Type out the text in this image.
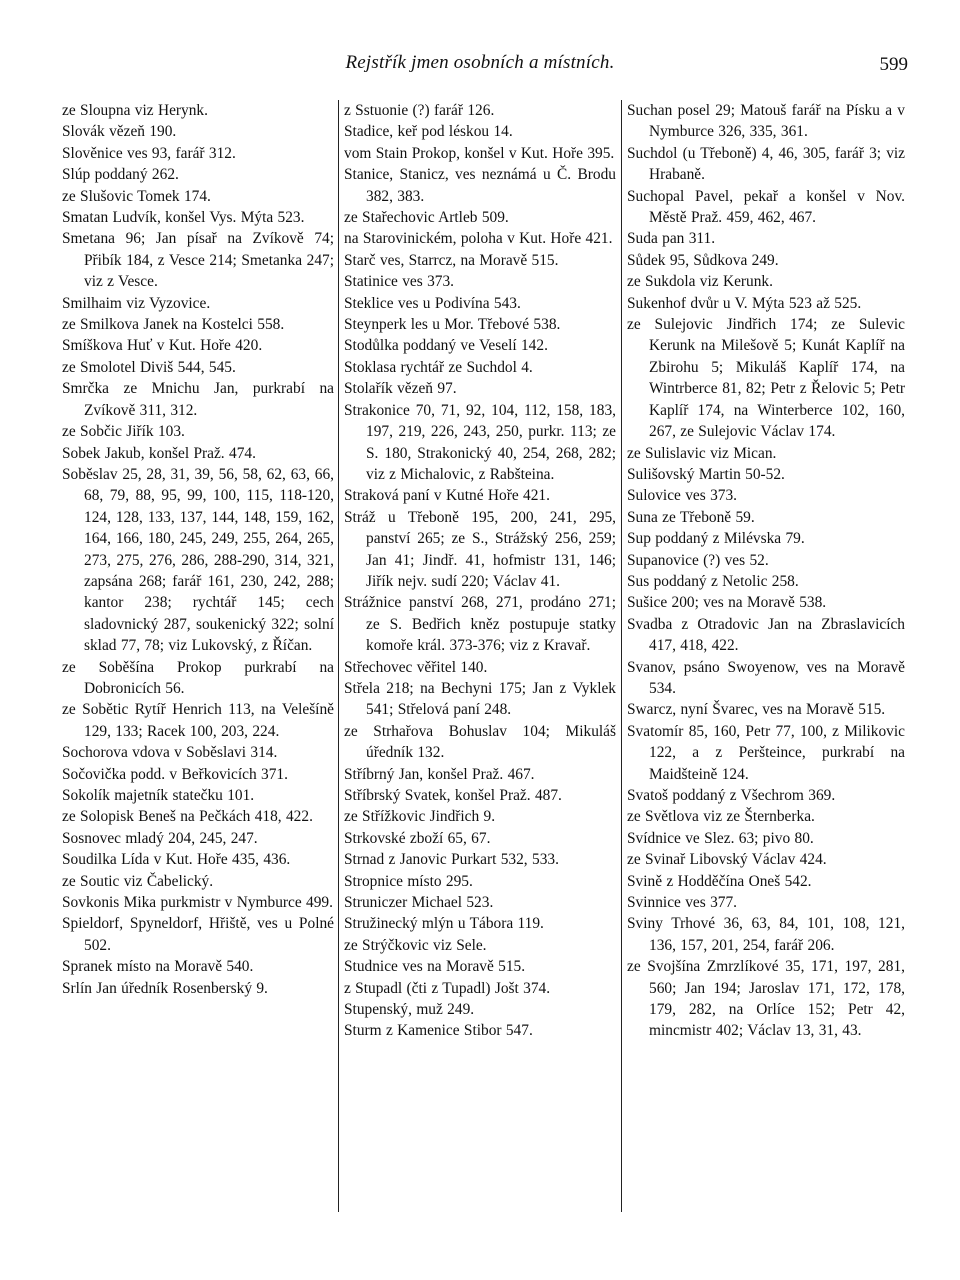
Rejstřík jmen osobních a místních.	599

ze Sloupna viz Herynk.

Slovák vězeň 190.

Slověnice ves 93, farář 312.

Slúp poddaný 262.

ze Slušovic Tomek 174.

Smatan Ludvík, konšel Vys. Mýta 523.

Smetana 96; Jan písař na Zvíkově 74; Přibík 184, z Vesce 214; Smetanka 247; viz z Vesce.

Smilhaim viz Vyzovice.

ze Smilkova Janek na Kostelci 558.

Smíškova Huť v Kut. Hoře 420.

ze Smolotel Diviš 544, 545.

Smrčka ze Mnichu Jan, purkrabí na Zvíkově 311, 312.

ze Sobčic Jiřík 103.

Sobek Jakub, konšel Praž. 474.

Soběslav 25, 28, 31, 39, 56, 58, 62, 63, 66, 68, 79, 88, 95, 99, 100, 115, 118-120, 124, 128, 133, 137, 144, 148, 159, 162, 164, 166, 180, 245, 249, 255, 264, 265, 273, 275, 276, 286, 288-290, 314, 321, zapsána 268; farář 161, 230, 242, 288; kantor 238; rychtář 145; cech sladovnický 287, soukenický 322; solní sklad 77, 78; viz Lukovský, z Říčan.

ze Soběšína Prokop purkrabí na Dobronicích 56.

ze Sobětic Rytíř Henrich 113, na Velešíně 129, 133; Racek 100, 203, 224.

Sochorova vdova v Soběslavi 314.

Sočovička podd. v Beřkovicích 371.

Sokolík majetník statečku 101.

ze Solopisk Beneš na Pečkách 418, 422.

Sosnovec mladý 204, 245, 247.

Soudilka Lída v Kut. Hoře 435, 436.

ze Soutic viz Čabelický.

Sovkonis Mika purkmistr v Nymburce 499.

Spieldorf, Spyneldorf, Hřiště, ves u Polné 502.

Spranek místo na Moravě 540.

Srlín Jan úředník Rosenberský 9.

z Sstuonie (?) farář 126.

Stadice, keř pod léskou 14.

vom Stain Prokop, konšel v Kut. Hoře 395.

Stanice, Stanicz, ves neznámá u Č. Brodu 382, 383.

ze Stařechovic Artleb 509.

na Starovinickém, poloha v Kut. Hoře 421.

Starč ves, Starrcz, na Moravě 515.

Statinice ves 373.

Steklice ves u Podivína 543.

Steynperk les u Mor. Třebové 538.

Stodůlka poddaný ve Veselí 142.

Stoklasa rychtář ze Suchdol 4.

Stolařík vězeň 97.

Strakonice 70, 71, 92, 104, 112, 158, 183, 197, 219, 226, 243, 250, purkr. 113; ze S. 180, Strakonický 40, 254, 268, 282; viz z Michalovic, z Rabšteina.

Straková paní v Kutné Hoře 421.

Stráž u Třeboně 195, 200, 241, 295, panství 265; ze S., Strážský 256, 259; Jan 41; Jindř. 41, hofmistr 131, 146; Jiřík nejv. sudí 220; Václav 41.

Strážnice panství 268, 271, prodáno 271; ze S. Bedřich kněz postupuje statky komoře král. 373-376; viz z Kravař.

Střechovec věřitel 140.

Střela 218; na Bechyni 175; Jan z Vyklek 541; Střelová paní 248.

ze Strhařova Bohuslav 104; Mikuláš úředník 132.

Stříbrný Jan, konšel Praž. 467.

Stříbrský Svatek, konšel Praž. 487.

ze Střížkovic Jindřich 9.

Strkovské zboží 65, 67.

Strnad z Janovic Purkart 532, 533.

Stropnice místo 295.

Struniczer Michael 523.

Stružinecký mlýn u Tábora 119.

ze Strýčkovic viz Sele.

Studnice ves na Moravě 515.

z Stupadl (čti z Tupadl) Jošt 374.

Stupenský, muž 249.

Sturm z Kamenice Stibor 547.

Suchan posel 29; Matouš farář na Písku a v Nymburce 326, 335, 361.

Suchdol (u Třeboně) 4, 46, 305, farář 3; viz Hrabaně.

Suchopal Pavel, pekař a konšel v Nov. Městě Praž. 459, 462, 467.

Suda pan 311.

Sůdek 95, Sůdkova 249.

ze Sukdola viz Kerunk.

Sukenhof dvůr u V. Mýta 523 až 525.

ze Sulejovic Jindřich 174; ze Sulevic Kerunk na Milešově 5; Kunát Kaplíř na Zbirohu 5; Mikuláš Kaplíř 174, na Wintrberce 81, 82; Petr z Řelovic 5; Petr Kaplíř 174, na Winterberce 102, 160, 267, ze Sulejovic Václav 174.

ze Sulislavic viz Mican.

Sulišovský Martin 50-52.

Sulovice ves 373.

Suna ze Třeboně 59.

Sup poddaný z Milévska 79.

Supanovice (?) ves 52.

Sus poddaný z Netolic 258.

Sušice 200; ves na Moravě 538.

Svadba z Otradovic Jan na Zbraslavicích 417, 418, 422.

Svanov, psáno Swoyenow, ves na Moravě 534.

Swarcz, nyní Švarec, ves na Moravě 515.

Svatomír 85, 160, Petr 77, 100, z Milikovic 122, a z Peršteince, purkrabí na Maidšteině 124.

Svatoš poddaný z Všechrom 369.

ze Světlova viz ze Šternberka.

Svídnice ve Slez. 63; pivo 80.

ze Svinař Libovský Václav 424.

Svině z Hodděčína Oneš 542.

Svinnice ves 377.

Sviny Trhové 36, 63, 84, 101, 108, 121, 136, 157, 201, 254, farář 206.

ze Svojšína Zmrzlíkové 35, 171, 197, 281, 560; Jan 194; Jaroslav 171, 172, 178, 179, 282, na Orlíce 152; Petr 42, mincmistr 402; Václav 13, 31, 43.
